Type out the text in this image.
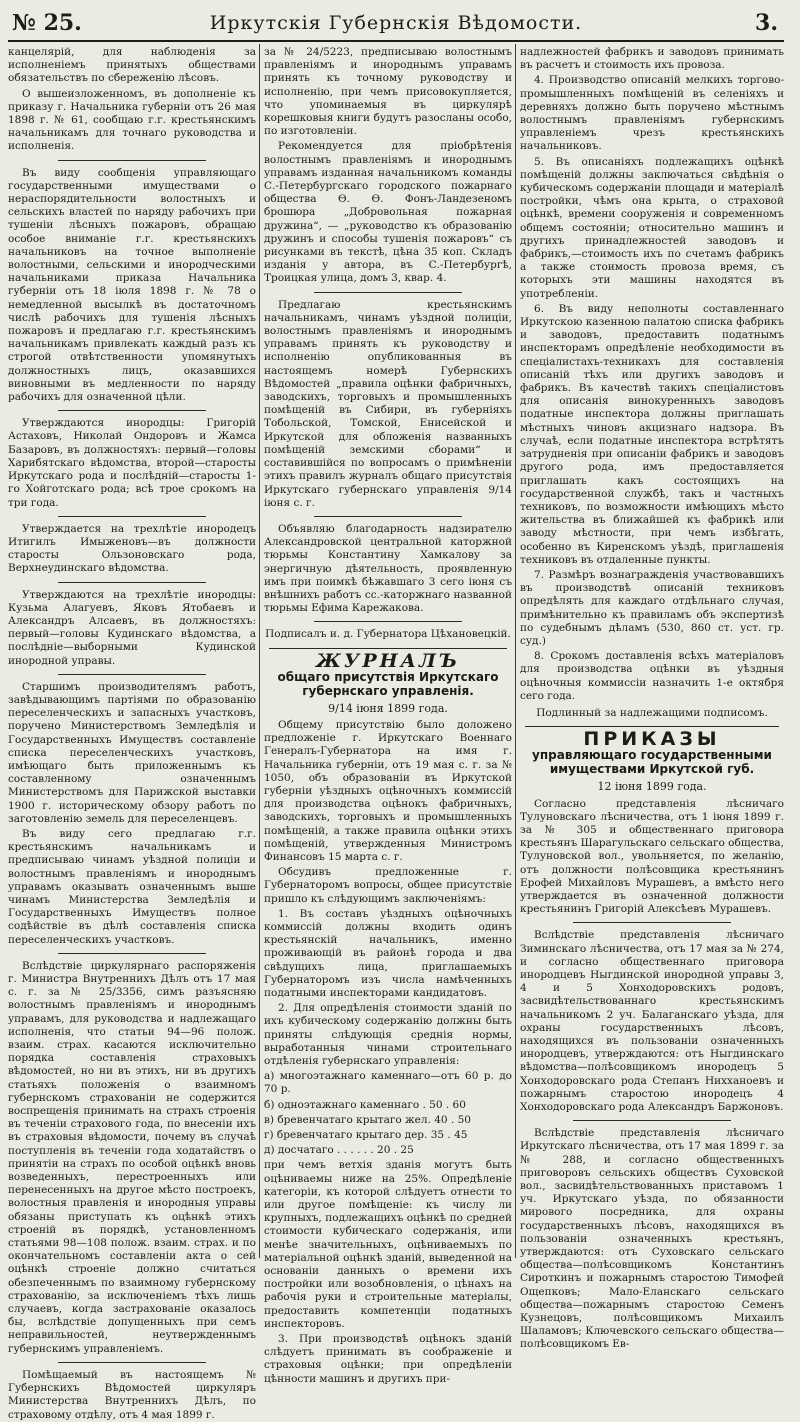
№ 25.	Иркутскія Губернскія Вѣдомости.	3.

канцелярiй, для наблюденiя за исполненiемъ принятыхъ обществами обязательствъ по сбереженiю лѣсовъ.

О вышеизложенномъ, въ дополненiе къ приказу г. Начальника губернiи отъ 26 мая 1898 г. № 61, сообщаю г.г. крестьянскимъ начальникамъ для точнаго руководства и исполненiя.

Въ виду сообщенiя управляющаго государственными имуществами о нераспорядительности волостныхъ и сельскихъ властей по наряду рабочихъ при тушенiи лѣсныхъ пожаровъ, обращаю особое вниманiе г.г. крестьянскихъ начальниковъ на точное выполненiе волостными, сельскими и инородческими начальниками приказа Начальника губернiи отъ 18 iюля 1898 г. № 78 о немедленной высылкѣ въ достаточномъ числѣ рабочихъ для тушенiя лѣсныхъ пожаровъ и предлагаю г.г. крестьянскимъ начальникамъ привлекать каждый разъ къ строгой отвѣтственности упомянутыхъ должностныхъ лицъ, оказавшихся виновными въ медленности по наряду рабочихъ для означенной цѣли.

Утверждаются инородцы: Григорiй Астаховъ, Николай Ондоровъ и Жамса Базаровъ, въ должностяхъ: первый—головы Харибятскаго вѣдомства, второй—старосты Иркутскаго рода и послѣднiй—старосты 1-го Хойготскаго рода; всѣ трое срокомъ на три года.

Утверждается на трехлѣтiе инородецъ Итигилъ Имыженовъ—въ должности старосты Ользоновскаго рода, Верхнеудинскаго вѣдомства.

Утверждаются на трехлѣтiе инородцы: Кузьма Алагуевъ, Яковъ Ятобаевъ и Александръ Алсаевъ, въ должностяхъ: первый—головы Кудинскаго вѣдомства, а послѣднiе—выборными Кудинской инородной управы.

Старшимъ производителямъ работъ, завѣдывающимъ партiями по образованiю переселенческихъ и запасныхъ участковъ, поручено Министерствомъ Земледѣлiя и Государственныхъ Имуществъ составленiе списка переселенческихъ участковъ, имѣющаго быть приложеннымъ къ составленному означеннымъ Министерствомъ для Парижской выставки 1900 г. историческому обзору работъ по заготовленiю земель для переселенцевъ.

Въ виду сего предлагаю г.г. крестьянскимъ начальникамъ и предписываю чинамъ уѣздной полицiи и волостнымъ правленiямъ и инороднымъ управамъ оказывать означеннымъ выше чинамъ Министерства Земледѣлiя и Государственныхъ Имуществъ полное содѣйствiе въ дѣлѣ составленiя списка переселенческихъ участковъ.

Вслѣдствiе циркулярнаго распоряженiя г. Министра Внутреннихъ Дѣлъ отъ 17 мая с. г. за № 25/3356, симъ разъясняю волостнымъ правленiямъ и инороднымъ управамъ, для руководства и надлежащаго исполненiя, что статьи 94—96 полож. взаим. страх. касаются исключительно порядка составленiя страховыхъ вѣдомостей, но ни въ этихъ, ни въ другихъ статьяхъ положенiя о взаимномъ губернскомъ страхованiи не содержится воспрещенiя принимать на страхъ строенiя въ теченiи страхового года, по внесенiи ихъ въ страховыя вѣдомости, почему въ случаѣ поступленiя въ теченiи года ходатайствъ о принятiи на страхъ по особой оцѣнкѣ вновь возведенныхъ, перестроенныхъ или перенесенныхъ на другое мѣсто построекъ, волостныя правленiя и инородныя управы обязаны приступать къ оцѣнкѣ этихъ строенiй въ порядкѣ, установленномъ статьями 98—108 полож. взаим. страх. и по окончательномъ составленiи акта о сей оцѣнкѣ строенiе должно считаться обезпеченнымъ по взаимному губернскому страхованiю, за исключенiемъ тѣхъ лишь случаевъ, когда застрахованiе оказалось бы, вслѣдствiе допущенныхъ при семъ неправильностей, неутвержденнымъ губернскимъ управленiемъ.

Помѣщаемый въ настоящемъ № Губернскихъ Вѣдомостей циркуляръ Министерства Внутреннихъ Дѣлъ, по страховому отдѣлу, отъ 4 мая 1899 г.

за № 24/5223, предписываю волостнымъ правленiямъ и инороднымъ управамъ принять къ точному руководству и исполненiю, при чемъ присовокупляется, что упоминаемыя въ циркулярѣ корешковыя книги будутъ разосланы особо, по изготовленiи.

Рекомендуется для прiобрѣтенiя волостнымъ правленiямъ и инороднымъ управамъ изданная начальникомъ команды С.-Петербургскаго городского пожарнаго общества Ѳ. Ѳ. Фонъ-Ландезеномъ брошюра „Добровольная пожарная дружина“, — „руководство къ образованiю дружинъ и способы тушенiя пожаровъ“ съ рисунками въ текстѣ, цѣна 35 коп. Складъ изданiя у автора, въ С.-Петербургѣ, Троицкая улица, домъ 3, квар. 4.

Предлагаю крестьянскимъ начальникамъ, чинамъ уѣздной полицiи, волостнымъ правленiямъ и инороднымъ управамъ принять къ руководству и исполненiю опубликованныя въ настоящемъ номерѣ Губернскихъ Вѣдомостей „правила оцѣнки фабричныхъ, заводскихъ, торговыхъ и промышленныхъ помѣщенiй въ Сибири, въ губернiяхъ Тобольской, Томской, Енисейской и Иркутской для обложенiя названныхъ помѣщенiй земскими сборами“ и составившiйся по вопросамъ о примѣненiи этихъ правилъ журналъ общаго присутствiя Иркутскаго губернскаго управленiя 9/14 iюня с. г.

Объявляю благодарность надзирателю Александровской центральной каторжной тюрьмы Константину Хамкалову за энергичную дѣятельность, проявленную имъ при поимкѣ бѣжавшаго 3 сего iюня съ внѣшнихъ работъ сс.-каторжнаго названной тюрьмы Ефима Карежакова.

Подписалъ и. д. Губернатора Цѣхановецкiй.

ЖУРНАЛЪ
общаго присутствiя Иркутскаго губернскаго управленiя.
9/14 iюня 1899 года.

Общему присутствiю было доложено предложенiе г. Иркутскаго Военнаго Генералъ-Губернатора на имя г. Начальника губернiи, отъ 19 мая с. г. за № 1050, объ образованiи въ Иркутской губернiи уѣздныхъ оцѣночныхъ коммиссiй для производства оцѣнокъ фабричныхъ, заводскихъ, торговыхъ и промышленныхъ помѣщенiй, а также правила оцѣнки этихъ помѣщенiй, утвержденныя Министромъ Финансовъ 15 марта с. г.

Обсудивъ предложенные г. Губернаторомъ вопросы, общее присутствiе пришло къ слѣдующимъ заключенiямъ:

1. Въ составъ уѣздныхъ оцѣночныхъ коммиссiй должны входить одинъ крестьянскiй начальникъ, именно проживающiй въ районѣ города и два свѣдущихъ лица, приглашаемыхъ Губернаторомъ изъ числа намѣченныхъ податными инспекторами кандидатовъ.

2. Для опредѣленiя стоимости зданiй по ихъ кубическому содержанiю должны быть приняты слѣдующiя среднiя нормы, выработанныя чинами строительнаго отдѣленiя губернскаго управленiя:

а) многоэтажнаго каменнаго—отъ 60 р. до 70 р.

б) одноэтажнаго каменнаго . 50 . 60

в) бревенчатаго крытаго жел. 40 . 50

г) бревенчатаго крытаго дер. 35 . 45

д) досчатаго . . . . . . 20 . 25

при чемъ ветхiя зданiя могутъ быть оцѣниваемы ниже на 25%. Опредѣленiе категорiи, къ которой слѣдуетъ отнести то или другое помѣщенiе: къ числу ли крупныхъ, подлежащихъ оцѣнкѣ по средней стоимости кубическаго содержанiя, или менѣе значительныхъ, оцѣниваемыхъ по матерiальной оцѣнкѣ зданiй, выведенной на основанiи данныхъ о времени ихъ постройки или возобновленiя, о цѣнахъ на рабочiя руки и строительные матерiалы, предоставить компетенцiи податныхъ инспекторовъ.

3. При производствѣ оцѣнокъ зданiй слѣдуетъ принимать въ соображенiе и страховыя оцѣнки; при опредѣленiи цѣнности машинъ и другихъ при-

надлежностей фабрикъ и заводовъ принимать въ расчетъ и стоимость ихъ провоза.

4. Производство описанiй мелкихъ торгово-промышленныхъ помѣщенiй въ селенiяхъ и деревняхъ должно быть поручено мѣстнымъ волостнымъ правленiямъ губернскимъ управленiемъ чрезъ крестьянскихъ начальниковъ.

5. Въ описанiяхъ подлежащихъ оцѣнкѣ помѣщенiй должны заключаться свѣдѣнiя о кубическомъ содержанiи площади и матерiалѣ постройки, чѣмъ она крыта, о страховой оцѣнкѣ, времени сооруженiя и современномъ общемъ состоянiи; относительно машинъ и другихъ принадлежностей заводовъ и фабрикъ,—стоимость ихъ по счетамъ фабрикъ а также стоимость провоза время, съ которыхъ эти машины находятся въ употребленiи.

6. Въ виду неполноты составленнаго Иркутскою казенною палатою списка фабрикъ и заводовъ, предоставить податнымъ инспекторамъ опредѣленiе необходимости въ спецiалистахъ-техникахъ для составленiя описанiй тѣхъ или другихъ заводовъ и фабрикъ. Въ качествѣ такихъ спецiалистовъ для описанiя винокуренныхъ заводовъ податные инспектора должны приглашать мѣстныхъ чиновъ акцизнаго надзора. Въ случаѣ, если податные инспектора встрѣтятъ затрудненiя при описанiи фабрикъ и заводовъ другого рода, имъ предоставляется приглашать какъ состоящихъ на государственной службѣ, такъ и частныхъ техниковъ, по возможности имѣющихъ мѣсто жительства въ ближайшей къ фабрикѣ или заводу мѣстности, при чемъ избѣгать, особенно въ Киренскомъ уѣздѣ, приглашенiя техниковъ въ отдаленные пункты.

7. Размѣръ вознагражденiя участвовавшихъ въ производствѣ описанiй техниковъ опредѣлять для каждаго отдѣльнаго случая, примѣнительно къ правиламъ объ экспертизѣ по судебнымъ дѣламъ (530, 860 ст. уст. гр. суд.)

8. Срокомъ доставленiя всѣхъ матерiаловъ для производства оцѣнки въ уѣздныя оцѣночныя коммиссiи назначить 1-е октября сего года.

Подлинный за надлежащими подписомъ.

ПРИКАЗЫ
управляющаго государственными имуществами Иркутской губ.
12 iюня 1899 года.

Согласно представленiя лѣсничаго Тулуновскаго лѣсничества, отъ 1 iюня 1899 г. за № 305 и общественнаго приговора крестьянъ Шарагульскаго сельскаго общества, Тулуновской вол., увольняется, по желанiю, отъ должности полѣсовщика крестьянинъ Ерофей Михайловъ Мурашевъ, а вмѣсто него утверждается въ означенной должности крестьянинъ Григорiй Алексѣевъ Мурашевъ.

Вслѣдствiе представленiя лѣсничаго Зиминскаго лѣсничества, отъ 17 мая за № 274, и согласно общественнаго приговора инородцевъ Ныгдинской инородной управы 3, 4 и 5 Хонходоровскихъ родовъ, засвидѣтельствованнаго крестьянскимъ начальникомъ 2 уч. Балаганскаго уѣзда, для охраны государственныхъ лѣсовъ, находящихся въ пользованiи означенныхъ инородцевъ, утверждаются: отъ Ныгдинскаго вѣдомства—полѣсовщикомъ инородецъ 5 Хонходоровскаго рода Степанъ Нихханоевъ и пожарнымъ старостою инородецъ 4 Хонходоровскаго рода Александръ Баржоновъ.

Вслѣдствiе представленiя лѣсничаго Иркутскаго лѣсничества, отъ 17 мая 1899 г. за № 288, и согласно общественныхъ приговоровъ сельскихъ обществъ Суховской вол., засвидѣтельствованныхъ приставомъ 1 уч. Иркутскаго уѣзда, по обязанности мирового посредника, для охраны государственныхъ лѣсовъ, находящихся въ пользованiи означенныхъ крестьянъ, утверждаются: отъ Суховскаго сельскаго общества—полѣсовщикомъ Константинъ Сироткинъ и пожарнымъ старостою Тимофей Ощепковъ; Мало-Еланскаго сельскаго общества—пожарнымъ старостою Семенъ Кузнецовъ, полѣсовщикомъ Михаилъ Шаламовъ; Ключевского сельскаго общества—полѣсовщикомъ Ев-
